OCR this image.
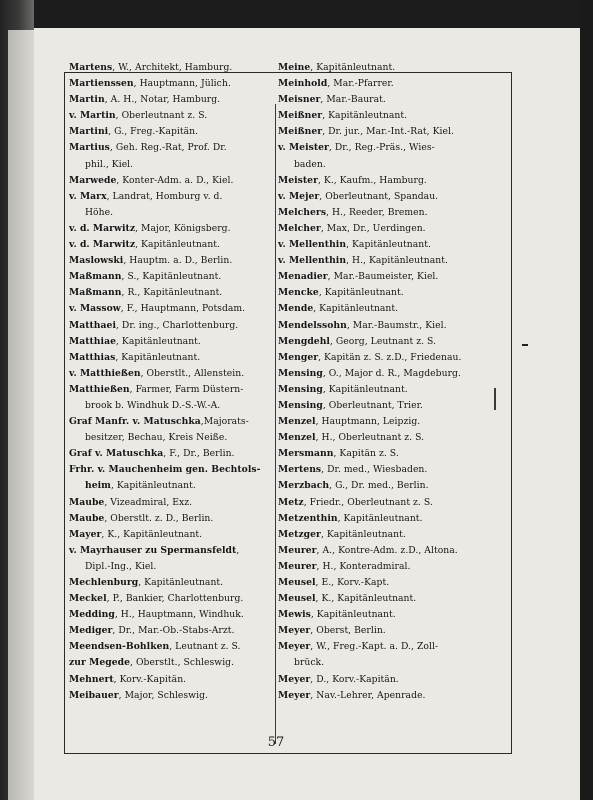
Martens, W., Architekt, Hamburg.
Martienssen, Hauptmann, Jülich.
Martin, A. H., Notar, Hamburg.
v. Martin, Oberleutnant z. S.
Martini, G., Freg.-Kapitän.
Martius, Geh. Reg.-Rat, Prof. Dr.
phil., Kiel.
Marwede, Konter-Adm. a. D., Kiel.
v. Marx, Landrat, Homburg v. d.
Höhe.
v. d. Marwitz, Major, Königsberg.
v. d. Marwitz, Kapitänleutnant.
Maslowski, Hauptm. a. D., Berlin.
Maßmann, S., Kapitänleutnant.
Maßmann, R., Kapitänleutnant.
v. Massow, F., Hauptmann, Potsdam.
Matthaei, Dr. ing., Charlottenburg.
Matthiae, Kapitänleutnant.
Matthias, Kapitänleutnant.
v. Matthießen, Oberstlt., Allenstein.
Matthießen, Farmer, Farm Düstern-
brook b. Windhuk D.-S.-W.-A.
Graf Manfr. v. Matuschka,Majorats-
besitzer, Bechau, Kreis Neiße.
Graf v. Matuschka, F., Dr., Berlin.
Frhr. v. Mauchenheim gen. Bechtols-
heim, Kapitänleutnant.
Maube, Vizeadmiral, Exz.
Maube, Oberstlt. z. D., Berlin.
Mayer, K., Kapitänleutnant.
v. Mayrhauser zu Spermansfeldt,
Dipl.-Ing., Kiel.
Mechlenburg, Kapitänleutnant.
Meckel, P., Bankier, Charlottenburg.
Medding, H., Hauptmann, Windhuk.
Mediger, Dr., Mar.-Ob.-Stabs-Arzt.
Meendsen-Bohlken, Leutnant z. S.
zur Megede, Oberstlt., Schleswig.
Mehnert, Korv.-Kapitän.
Meibauer, Major, Schleswig.
Meine, Kapitänleutnant.
Meinhold, Mar.-Pfarrer.
Meisner, Mar.-Baurat.
Meißner, Kapitänleutnant.
Meißner, Dr. jur., Mar.-Int.-Rat, Kiel.
v. Meister, Dr., Reg.-Präs., Wies-
baden.
Meister, K., Kaufm., Hamburg.
v. Mejer, Oberleutnant, Spandau.
Melchers, H., Reeder, Bremen.
Melcher, Max, Dr., Uerdingen.
v. Mellenthin, Kapitänleutnant.
v. Mellenthin, H., Kapitänleutnant.
Menadier, Mar.-Baumeister, Kiel.
Mencke, Kapitänleutnant.
Mende, Kapitänleutnant.
Mendelssohn, Mar.-Baumstr., Kiel.
Mengdehl, Georg, Leutnant z. S.
Menger, Kapitän z. S. z.D., Friedenau.
Mensing, O., Major d. R., Magdeburg.
Mensing, Kapitänleutnant.
Mensing, Oberleutnant, Trier.
Menzel, Hauptmann, Leipzig.
Menzel, H., Oberleutnant z. S.
Mersmann, Kapitän z. S.
Mertens, Dr. med., Wiesbaden.
Merzbach, G., Dr. med., Berlin.
Metz, Friedr., Oberleutnant z. S.
Metzenthin, Kapitänleutnant.
Metzger, Kapitänleutnant.
Meurer, A., Kontre-Adm. z.D., Altona.
Meurer, H., Konteradmiral.
Meusel, E., Korv.-Kapt.
Meusel, K., Kapitänleutnant.
Mewis, Kapitänleutnant.
Meyer, Oberst, Berlin.
Meyer, W., Freg.-Kapt. a. D., Zoll-
brück.
Meyer, D., Korv.-Kapitän.
Meyer, Nav.-Lehrer, Apenrade.
57
